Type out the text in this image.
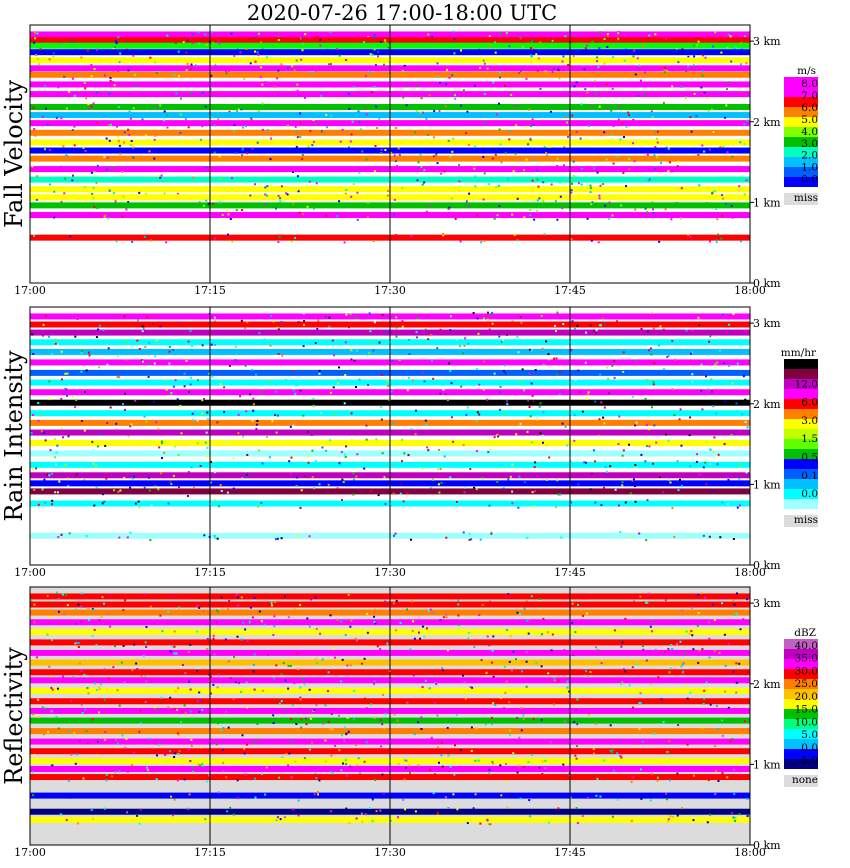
2020-07-26 17:00-18:00 UTC
17:00	17:15	17:30	17:45	18:00
0 km
1 km
2 km
3 km
Fall Velocity
m/s
8.0
7.0
6.0
5.0
4.0
3.0
2.0
1.0
0.0
miss
17:00	17:15	17:30	17:45	18:00
0 km
1 km
2 km
3 km
Rain Intensity	mm/hr
48.0
12.0
6.0
3.0
1.5
0.5
0.1
0.0
miss
17:00	17:15	17:30	17:45	18:00
0 km
1 km
2 km
3 km
Reflectivity
dBZ
40.0
35.0
30.0
25.0
20.0
15.0
10.0
5.0
0.0
-5.0
none
